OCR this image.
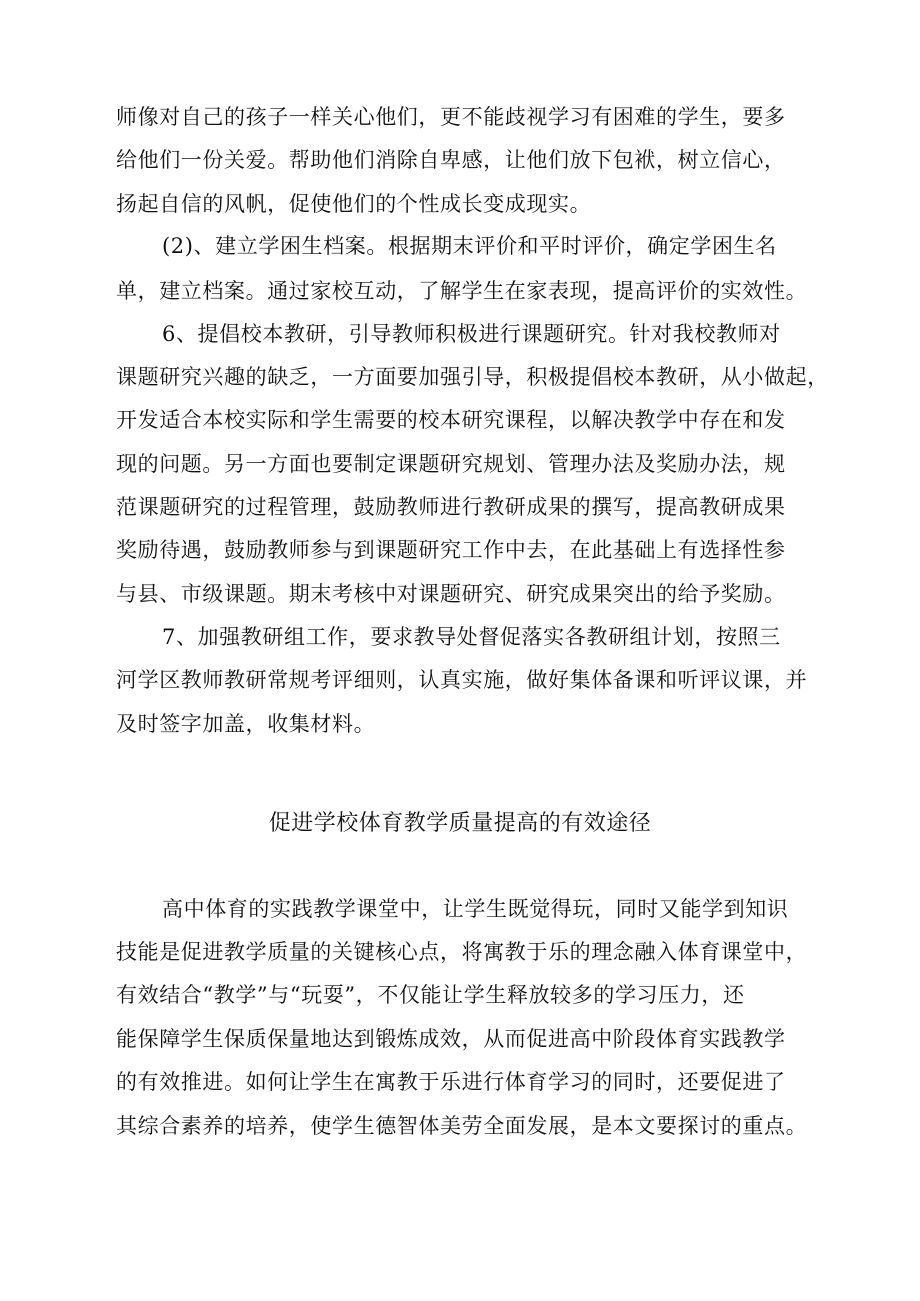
师像对自己的孩子一样关心他们，更不能歧视学习有困难的学生，要多
给他们一份关爱。帮助他们消除自卑感，让他们放下包袱，树立信心，
扬起自信的风帆，促使他们的个性成长变成现实。
(2)、建立学困生档案。根据期末评价和平时评价，确定学困生名
单，建立档案。通过家校互动，了解学生在家表现，提高评价的实效性。
6、提倡校本教研，引导教师积极进行课题研究。针对我校教师对
课题研究兴趣的缺乏，一方面要加强引导，积极提倡校本教研，从小做起，
开发适合本校实际和学生需要的校本研究课程，以解决教学中存在和发
现的问题。另一方面也要制定课题研究规划、管理办法及奖励办法，规
范课题研究的过程管理，鼓励教师进行教研成果的撰写，提高教研成果
奖励待遇，鼓励教师参与到课题研究工作中去，在此基础上有选择性参
与县、市级课题。期末考核中对课题研究、研究成果突出的给予奖励。
7、加强教研组工作，要求教导处督促落实各教研组计划，按照三
河学区教师教研常规考评细则，认真实施，做好集体备课和听评议课，并
及时签字加盖，收集材料。
促进学校体育教学质量提高的有效途径
高中体育的实践教学课堂中，让学生既觉得玩，同时又能学到知识
技能是促进教学质量的关键核心点，将寓教于乐的理念融入体育课堂中，
有效结合“教学”与“玩耍”，不仅能让学生释放较多的学习压力，还
能保障学生保质保量地达到锻炼成效，从而促进高中阶段体育实践教学
的有效推进。如何让学生在寓教于乐进行体育学习的同时，还要促进了
其综合素养的培养，使学生德智体美劳全面发展，是本文要探讨的重点。
